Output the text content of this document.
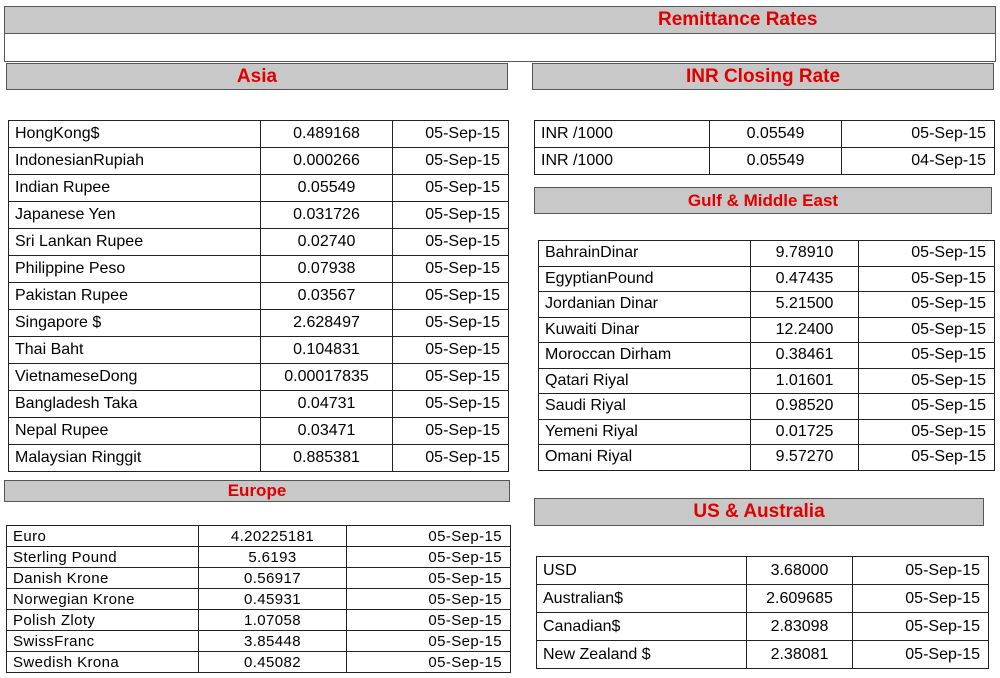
Remittance Rates
Asia
HongKong$	0.489168	05-Sep-15
IndonesianRupiah	0.000266	05-Sep-15
Indian Rupee	0.05549	05-Sep-15
Japanese Yen	0.031726	05-Sep-15
Sri Lankan Rupee	0.02740	05-Sep-15
Philippine Peso	0.07938	05-Sep-15
Pakistan Rupee	0.03567	05-Sep-15
Singapore $	2.628497	05-Sep-15
Thai Baht	0.104831	05-Sep-15
VietnameseDong	0.00017835	05-Sep-15
Bangladesh Taka	0.04731	05-Sep-15
Nepal Rupee	0.03471	05-Sep-15
Malaysian Ringgit	0.885381	05-Sep-15
INR Closing Rate
INR /1000	0.05549	05-Sep-15
INR /1000	0.05549	04-Sep-15
Gulf & Middle East
BahrainDinar	9.78910	05-Sep-15
EgyptianPound	0.47435	05-Sep-15
Jordanian Dinar	5.21500	05-Sep-15
Kuwaiti Dinar	12.2400	05-Sep-15
Moroccan Dirham	0.38461	05-Sep-15
Qatari Riyal	1.01601	05-Sep-15
Saudi Riyal	0.98520	05-Sep-15
Yemeni Riyal	0.01725	05-Sep-15
Omani Riyal	9.57270	05-Sep-15
Europe
Euro	4.20225181	05-Sep-15
Sterling Pound	5.6193	05-Sep-15
Danish Krone	0.56917	05-Sep-15
Norwegian Krone	0.45931	05-Sep-15
Polish Zloty	1.07058	05-Sep-15
SwissFranc	3.85448	05-Sep-15
Swedish Krona	0.45082	05-Sep-15
US & Australia
USD	3.68000	05-Sep-15
Australian$	2.609685	05-Sep-15
Canadian$	2.83098	05-Sep-15
New Zealand $	2.38081	05-Sep-15
